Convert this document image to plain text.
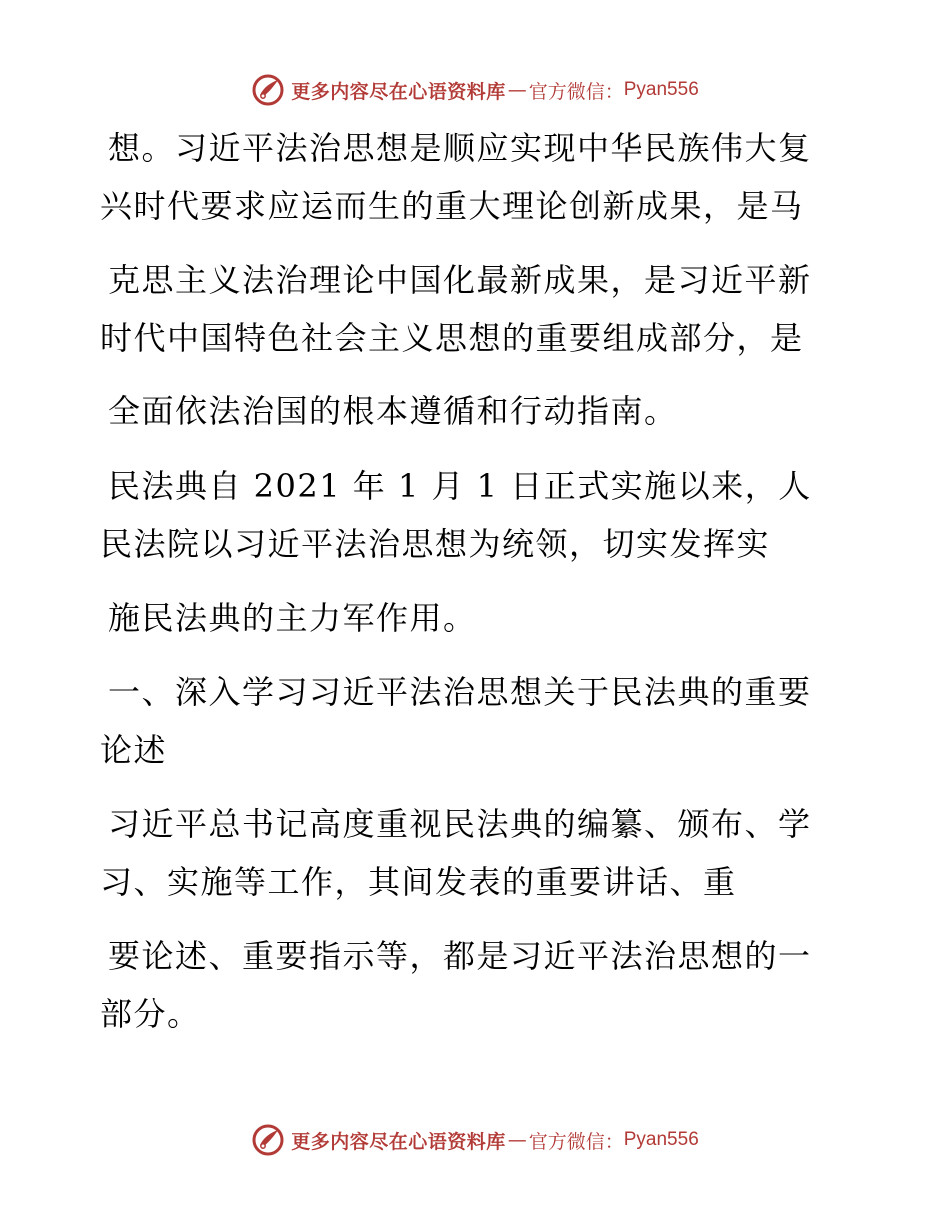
更多内容尽在心语资料库 — 官方微信： Pyan556
想。习近平法治思想是顺应实现中华民族伟大复
兴时代要求应运而生的重大理论创新成果，是马
克思主义法治理论中国化最新成果，是习近平新
时代中国特色社会主义思想的重要组成部分，是
全面依法治国的根本遵循和行动指南。
民法典自 2021 年 1 月 1 日正式实施以来，人
民法院以习近平法治思想为统领，切实发挥实
施民法典的主力军作用。
一、深入学习习近平法治思想关于民法典的重要
论述
习近平总书记高度重视民法典的编纂、颁布、学
习、实施等工作，其间发表的重要讲话、重
要论述、重要指示等，都是习近平法治思想的一
部分。
更多内容尽在心语资料库 — 官方微信： Pyan556
